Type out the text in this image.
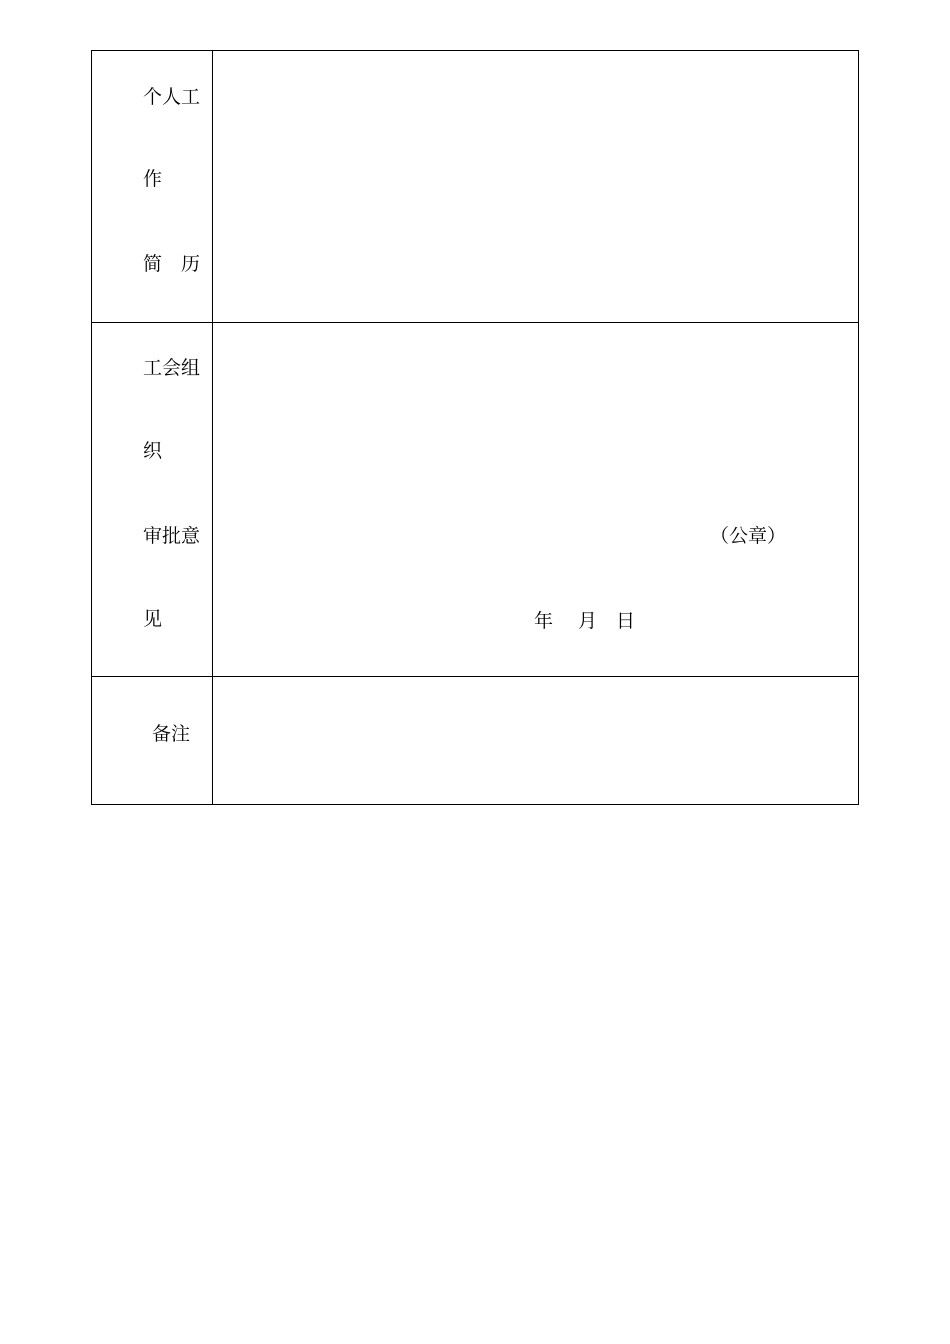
个人工
作
简　历
工会组
织
审批意
见
（公章）
年　 月　日
备注
